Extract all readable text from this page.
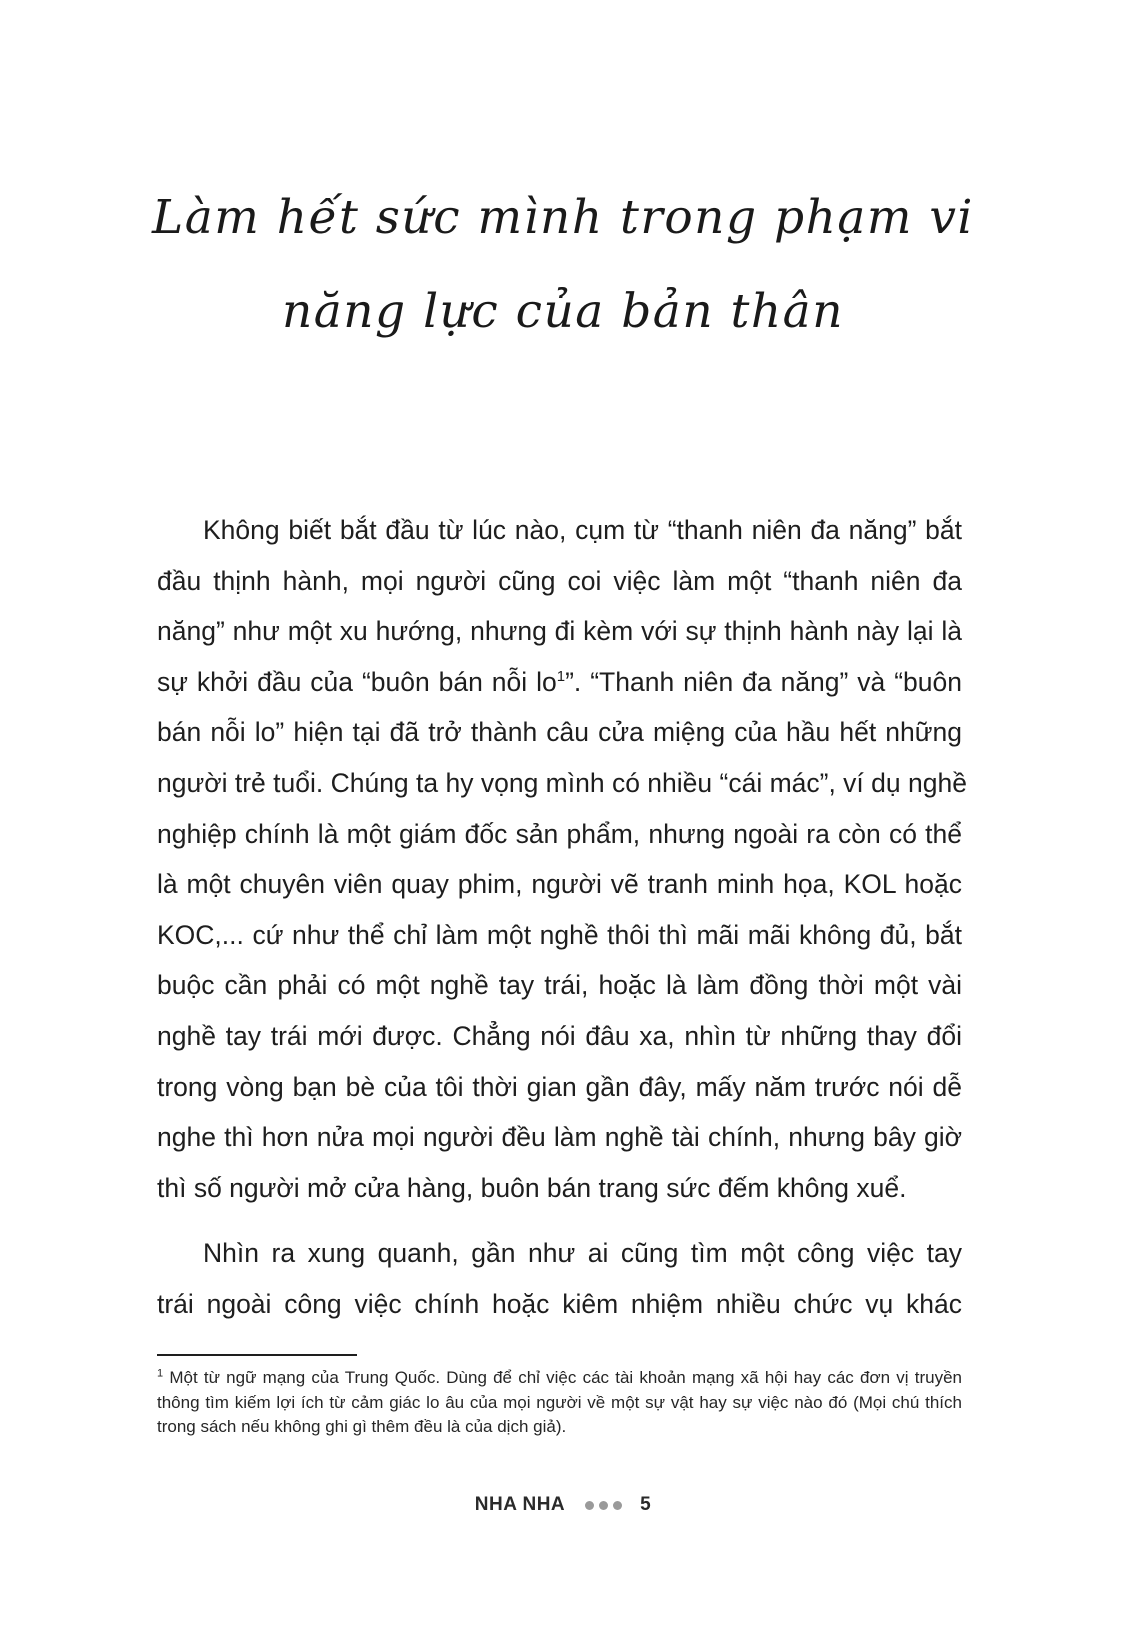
Làm hết sức mình trong phạm vi
năng lực của bản thân

Không biết bắt đầu từ lúc nào, cụm từ “thanh niên đa năng” bắt
đầu thịnh hành, mọi người cũng coi việc làm một “thanh niên đa
năng” như một xu hướng, nhưng đi kèm với sự thịnh hành này lại là
sự khởi đầu của “buôn bán nỗi lo$^1$”. “Thanh niên đa năng” và “buôn
bán nỗi lo” hiện tại đã trở thành câu cửa miệng của hầu hết những
người trẻ tuổi. Chúng ta hy vọng mình có nhiều “cái mác”, ví dụ nghề
nghiệp chính là một giám đốc sản phẩm, nhưng ngoài ra còn có thể
là một chuyên viên quay phim, người vẽ tranh minh họa, KOL hoặc
KOC,... cứ như thể chỉ làm một nghề thôi thì mãi mãi không đủ, bắt
buộc cần phải có một nghề tay trái, hoặc là làm đồng thời một vài
nghề tay trái mới được. Chẳng nói đâu xa, nhìn từ những thay đổi
trong vòng bạn bè của tôi thời gian gần đây, mấy năm trước nói dễ
nghe thì hơn nửa mọi người đều làm nghề tài chính, nhưng bây giờ
thì số người mở cửa hàng, buôn bán trang sức đếm không xuể.

Nhìn ra xung quanh, gần như ai cũng tìm một công việc tay
trái ngoài công việc chính hoặc kiêm nhiệm nhiều chức vụ khác

$^1$ Một từ ngữ mạng của Trung Quốc. Dùng để chỉ việc các tài khoản mạng xã hội hay các đơn vị truyền
thông tìm kiếm lợi ích từ cảm giác lo âu của mọi người về một sự vật hay sự việc nào đó (Mọi chú thích
trong sách nếu không ghi gì thêm đều là của dịch giả).
NHA NHA	5
